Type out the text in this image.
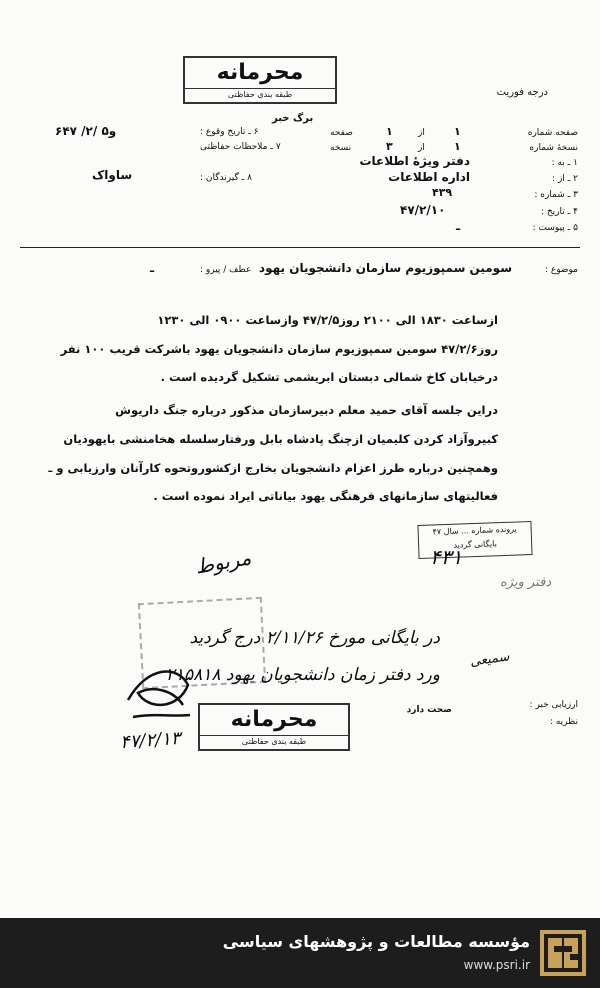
محرمانه
طبقه بندی حفاظتی	درجه فوریت
برگ خبر
صفحه شماره
۱
از
۱
صفحه
نسخهٔ شماره
۱
از
۳
نسخه
۱ ـ به :
دفتر ویژهٔ اطلاعات
۲ ـ از :
اداره اطلاعات
۳ ـ شماره :
۴۳۹
۴ ـ تاریخ :
۴۷/۲/۱۰
۵ ـ پیوست :
ـ
۶ ـ تاریخ وقوع :
۶و۵ /۲/ ۴۷
۷ ـ ملاحظات حفاظتی
۸ ـ گیرندگان :
ساواک
موضوع :
سومین سمپوزیوم سازمان دانشجویان یهود
عطف / پیرو :
ـ
ازساعت ۱۸۳۰ الی ۲۱۰۰ روز۴۷/۲/۵ وازساعت ۰۹۰۰ الی ۱۲۳۰
روز۴۷/۲/۶ سومین سمپوزیوم سازمان دانشجویان یهود باشرکت قریب ۱۰۰ نفر
درخیابان کاخ شمالی دبستان ابریشمی تشکیل گردیده است .
دراین جلسه آقای حمید معلم دبیرسازمان مذکور درباره جنگ داریوش
کبیروآزاد کردن کلیمیان ازچنگ پادشاه بابل ورفتارسلسله هخامنشی بایهودیان
وهمچنین درباره طرز اعزام دانشجویان بخارج ازکشوروتحوه کارآنان وارزیابی و ـ
فعالیتهای سازمانهای فرهنگی یهود بیاناتی ایراد نموده است .
پرونده شماره ... سال ۴۷
بایگانی گردید
۴۳۱
مربوط
دفتر ویژه
در بایگانی مورخ ۲/۱۱/۲۶ درج گردید
ورد دفتر زمان دانشجویان یهود ۲۱۵۸۱۸
سمیعی
۴۷/۲/۱۳
ارزیابی خبر :
صحت دارد
نظریه :
محرمانه
طبقه بندی حفاظتی
مؤسسه مطالعات و پژوهشهای سیاسی
www.psri.ir
